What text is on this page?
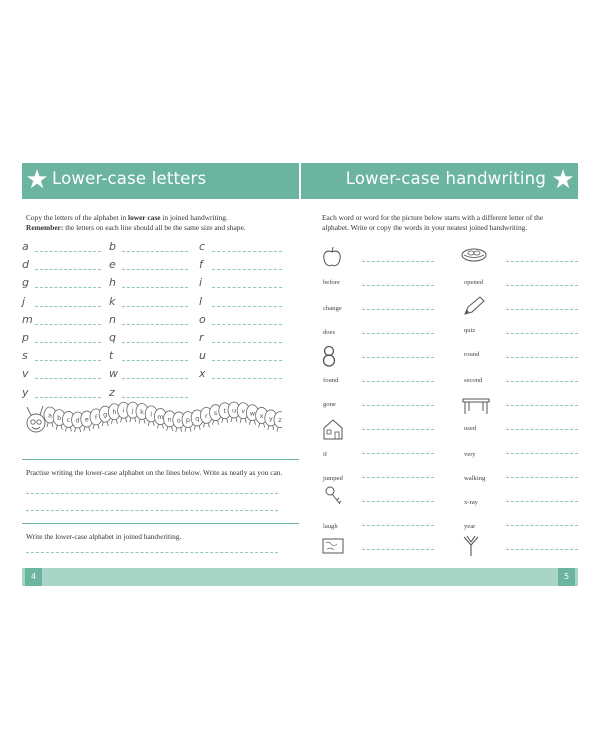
★ Lower-case letters	Lower-case handwriting ★
Copy the letters of the alphabet in lower case in joined handwriting.
Remember: the letters on each line should all be the same size and shape.
a	b	c
d	e	f
g	h	i
j	k	l
m	n	o
p	q	r
s	t	u
v	w	x
y	z
a b c d e f g h i j k l m n o p q r s t u v w x y z
Practise writing the lower-case alphabet on the lines below. Write as neatly as you can.
Write the lower-case alphabet in joined handwriting.
Each word or word for the picture below starts with a different letter of the alphabet. Write or copy the words in your neatest joined handwriting.
before
change
does
found
gone
if
jumped
laugh
opened
quiz
round
second
used
very
walking
x-ray
year
4	5
